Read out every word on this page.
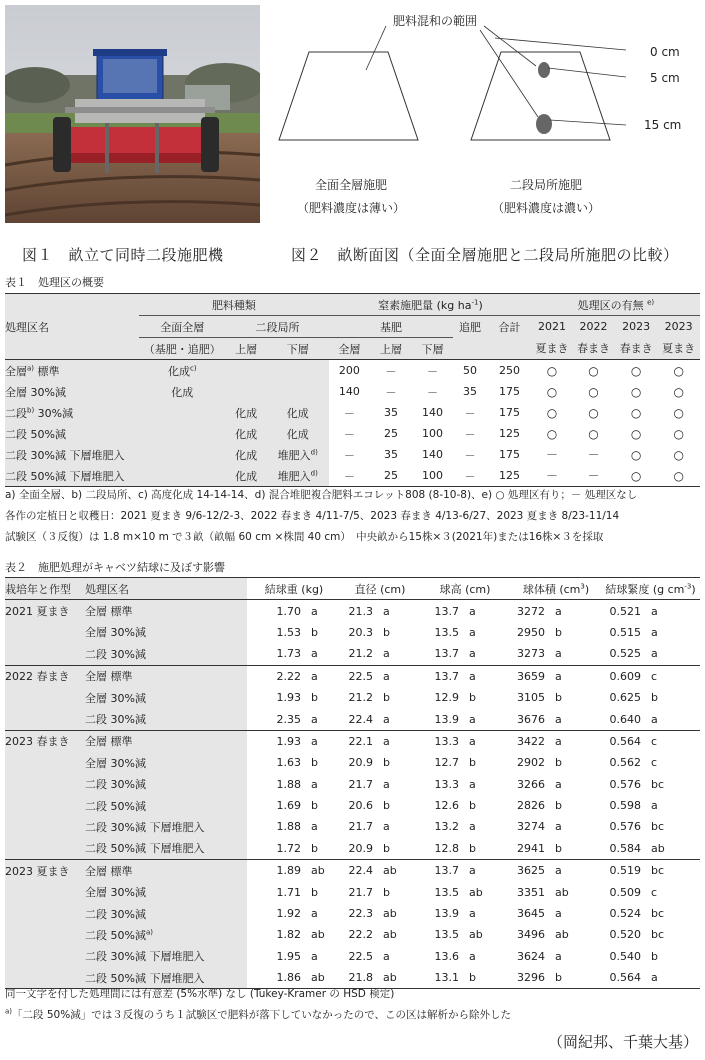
図１　畝立て同時二段施肥機
肥料混和の範囲
0 cm
5 cm
15 cm
全面全層施肥
（肥料濃度は薄い）
二段局所施肥
（肥料濃度は濃い）
図２　畝断面図（全面全層施肥と二段局所施肥の比較）
表１　処理区の概要
	肥料種類			窒素施肥量 (kg $ha^{-1}$)					処理区の有無 $^{e)}$
処理区名	全面全層	二段局所		基肥			追肥	合計	2021	2022	2023	2023
	（基肥・追肥）	上層	下層	全層	上層	下層			夏まき	春まき	春まき	夏まき
全層$^{a)}$ 標準	化成$^{c)}$			200	－	－	50	250	○	○	○	○
全層 30%減	化成			140	－	－	35	175	○	○	○	○
二段$^{b)}$ 30%減		化成	化成	－	35	140	－	175	○	○	○	○
二段 50%減		化成	化成	－	25	100	－	125	○	○	○	○
二段 30%減 下層堆肥入		化成	堆肥入$^{d)}$	－	35	140	－	175	－	－	○	○
二段 50%減 下層堆肥入		化成	堆肥入$^{d)}$	－	25	100	－	125	－	－	○	○
a) 全面全層、b) 二段局所、c) 高度化成 14-14-14、d) 混合堆肥複合肥料エコレット808 (8-10-8)、e) ○ 処理区有り；－ 処理区なし
各作の定植日と収穫日：2021 夏まき 9/6-12/2-3、2022 春まき 4/11-7/5、2023 春まき 4/13-6/27、2023 夏まき 8/23-11/14
試験区（３反復）は 1.8 m×10 m で３畝（畝幅 60 cm ×株間 40 cm）　中央畝から15株×３(2021年)または16株×３を採取
表２　施肥処理がキャベツ結球に及ぼす影響
栽培年と作型	処理区名	結球重 (kg)		直径 (cm)		球高 (cm)		球体積 $(cm^3)$		結球緊度 (g $cm^{-3}$)	
2021 夏まき	全層 標準	1.70	a	21.3	a	13.7	a	3272	a	0.521	a
	全層 30%減	1.53	b	20.3	b	13.5	a	2950	b	0.515	a
	二段 30%減	1.73	a	21.2	a	13.7	a	3273	a	0.525	a
2022 春まき	全層 標準	2.22	a	22.5	a	13.7	a	3659	a	0.609	c
	全層 30%減	1.93	b	21.2	b	12.9	b	3105	b	0.625	b
	二段 30%減	2.35	a	22.4	a	13.9	a	3676	a	0.640	a
2023 春まき	全層 標準	1.93	a	22.1	a	13.3	a	3422	a	0.564	c
	全層 30%減	1.63	b	20.9	b	12.7	b	2902	b	0.562	c
	二段 30%減	1.88	a	21.7	a	13.3	a	3266	a	0.576	bc
	二段 50%減	1.69	b	20.6	b	12.6	b	2826	b	0.598	a
	二段 30%減 下層堆肥入	1.88	a	21.7	a	13.2	a	3274	a	0.576	bc
	二段 50%減 下層堆肥入	1.72	b	20.9	b	12.8	b	2941	b	0.584	ab
2023 夏まき	全層 標準	1.89	ab	22.4	ab	13.7	a	3625	a	0.519	bc
	全層 30%減	1.71	b	21.7	b	13.5	ab	3351	ab	0.509	c
	二段 30%減	1.92	a	22.3	ab	13.9	a	3645	a	0.524	bc
	二段 50%減$^{a)}$	1.82	ab	22.2	ab	13.5	ab	3496	ab	0.520	bc
	二段 30%減 下層堆肥入	1.95	a	22.5	a	13.6	a	3624	a	0.540	b
	二段 50%減 下層堆肥入	1.86	ab	21.8	ab	13.1	b	3296	b	0.564	a
同一文字を付した処理間には有意差 (5%水準) なし (Tukey-Kramer の HSD 検定)
$^{a)}$「二段 50%減」では３反復のうち１試験区で肥料が落下していなかったので、この区は解析から除外した
（岡紀邦、千葉大基）
